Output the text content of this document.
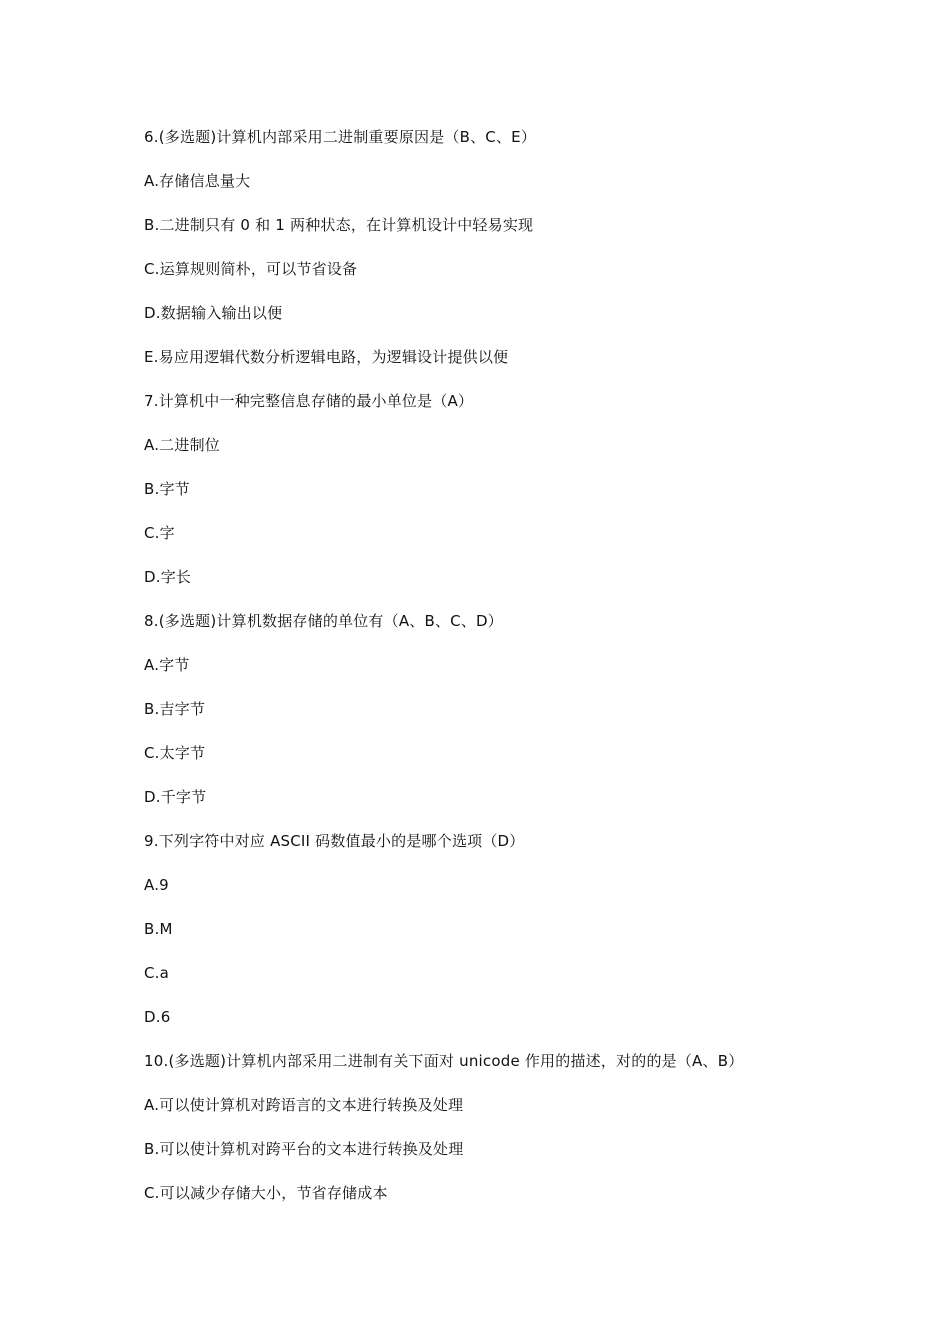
6.(多选题)计算机内部采用二进制重要原因是（B、C、E）
A.存储信息量大
B.二进制只有 0 和 1 两种状态，在计算机设计中轻易实现
C.运算规则简朴，可以节省设备
D.数据输入输出以便
E.易应用逻辑代数分析逻辑电路，为逻辑设计提供以便
7.计算机中一种完整信息存储的最小单位是（A）
A.二进制位
B.字节
C.字
D.字长
8.(多选题)计算机数据存储的单位有（A、B、C、D）
A.字节
B.吉字节
C.太字节
D.千字节
9.下列字符中对应 ASCII 码数值最小的是哪个选项（D）
A.9
B.M
C.a
D.6
10.(多选题)计算机内部采用二进制有关下面对 unicode 作用的描述，对的的是（A、B）
A.可以使计算机对跨语言的文本进行转换及处理
B.可以使计算机对跨平台的文本进行转换及处理
C.可以减少存储大小，节省存储成本
